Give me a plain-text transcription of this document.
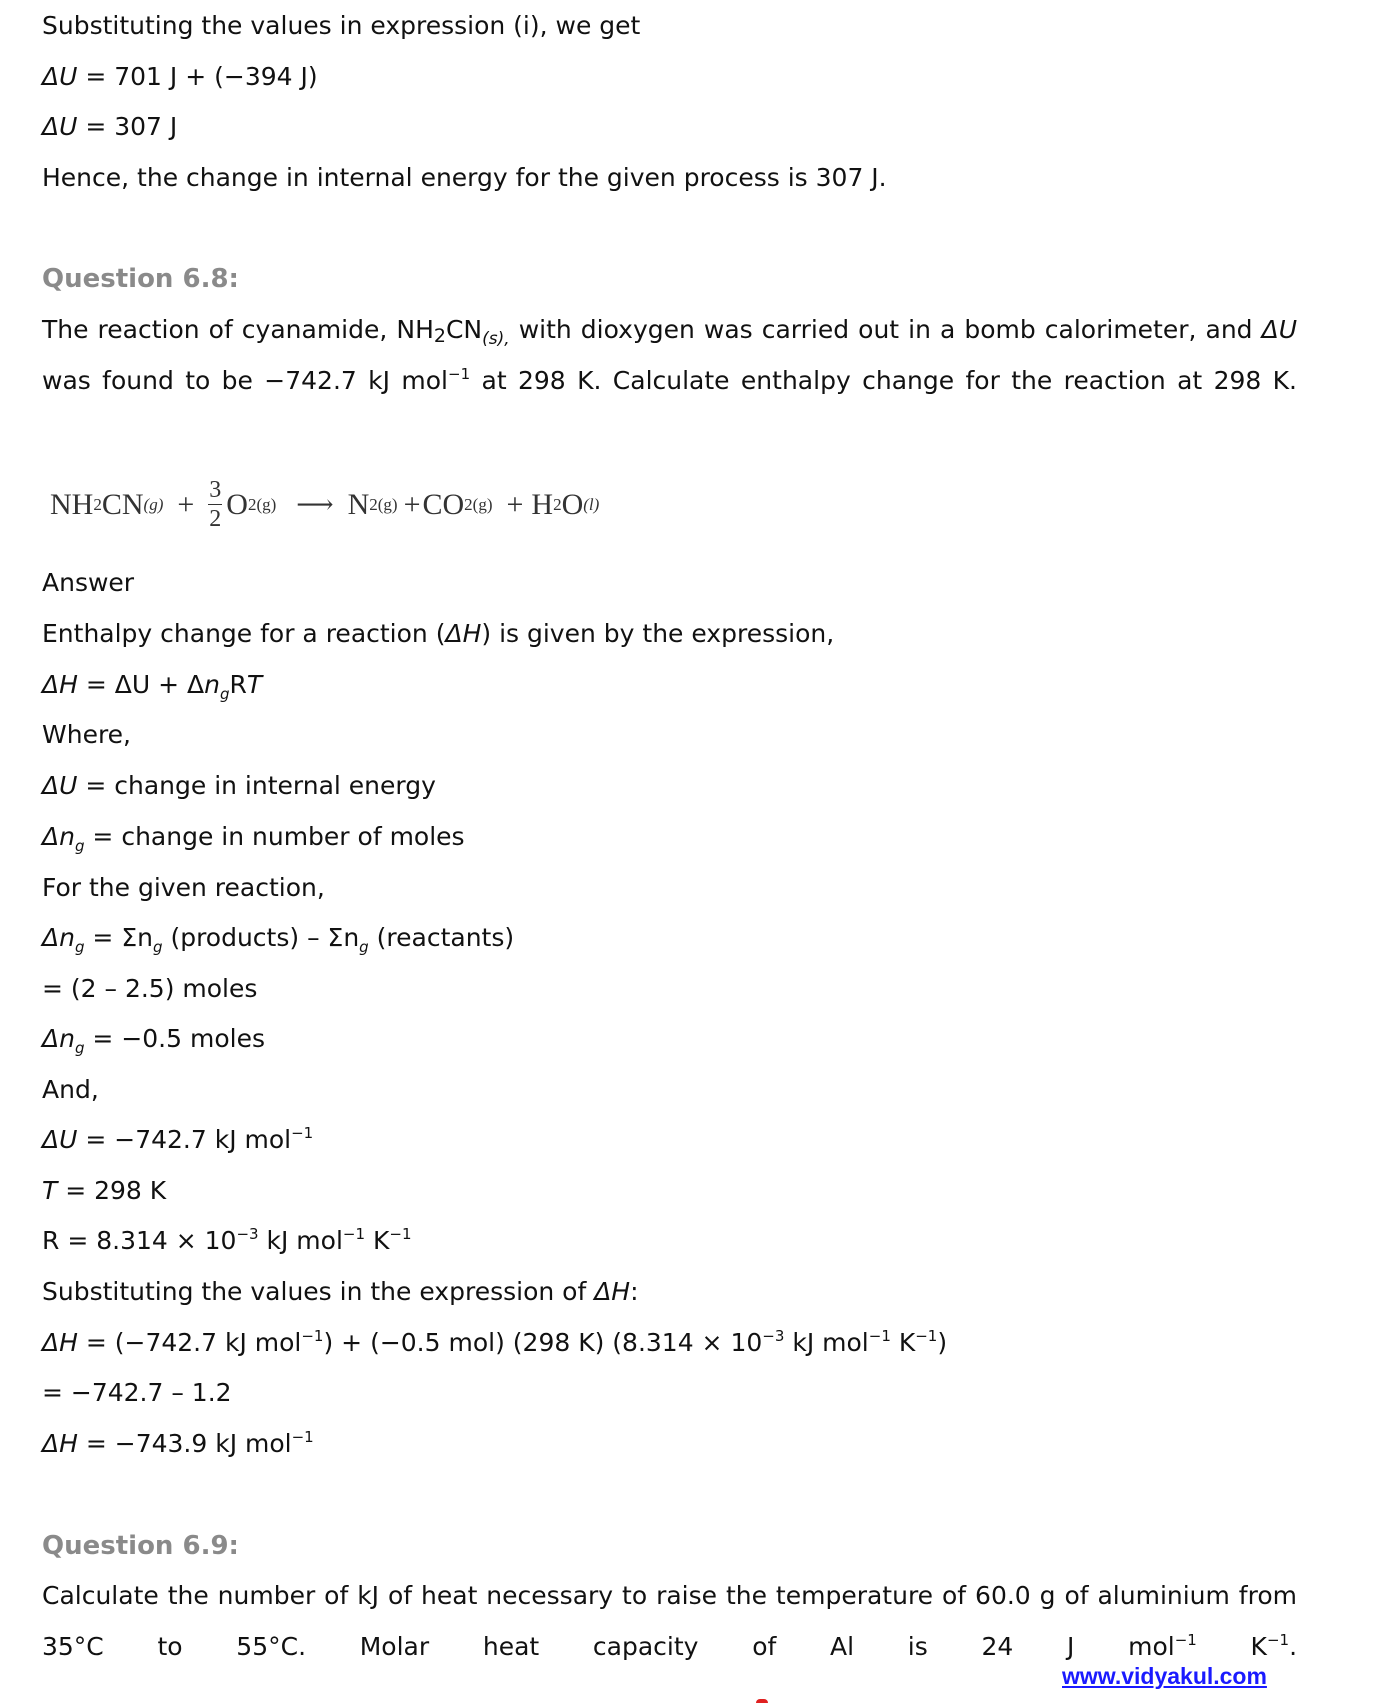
Substituting the values in expression (i), we get
ΔU = 701 J + (−394 J)
ΔU = 307 J
Hence, the change in internal energy for the given process is 307 J.
Question 6.8:
The reaction of cyanamide, $NH_2CN_{(s),}$ with dioxygen was carried out in a bomb calorimeter, and ΔU was found to be −742.7 kJ mol$^{-1}$ at 298 K. Calculate enthalpy change for the reaction at 298 K.
NH 2 CN $(g) + \frac{3}{2}$ O 2(g) ⟶ N 2(g) + CO 2(g) + H 2 O (l)
Answer
Enthalpy change for a reaction (ΔH) is given by the expression,
$\Delta H = \Delta U + \Delta n_gRT$
Where,
ΔU = change in internal energy
$\Delta n_g$ = change in number of moles
For the given reaction,
$\Delta n_g = \Sigma n_g$ (products) – $\Sigma n_g$ (reactants)
= (2 – 2.5) moles
$\Delta n_g = -0.5$ moles
And,
ΔU = −742.7 kJ mol$^{-1}$
T = 298 K
$R = 8.314 \times 10^{-3}$ kJ mol$^{-1}$ $K^{-1}$
Substituting the values in the expression of ΔH:
ΔH = (−742.7 kJ mol$^{-1}$) + (−0.5 mol) (298 K) ($8.314 \times 10^{-3}$ kJ mol$^{-1}$ $K^{-1}$)
= −742.7 – 1.2
ΔH = −743.9 kJ mol$^{-1}$
Question 6.9:
Calculate the number of kJ of heat necessary to raise the temperature of 60.0 g of aluminium from 35°C to 55°C. Molar heat capacity of Al is 24 J mol$^{-1}$ $K^{-1}$.
www.vidyakul.com
